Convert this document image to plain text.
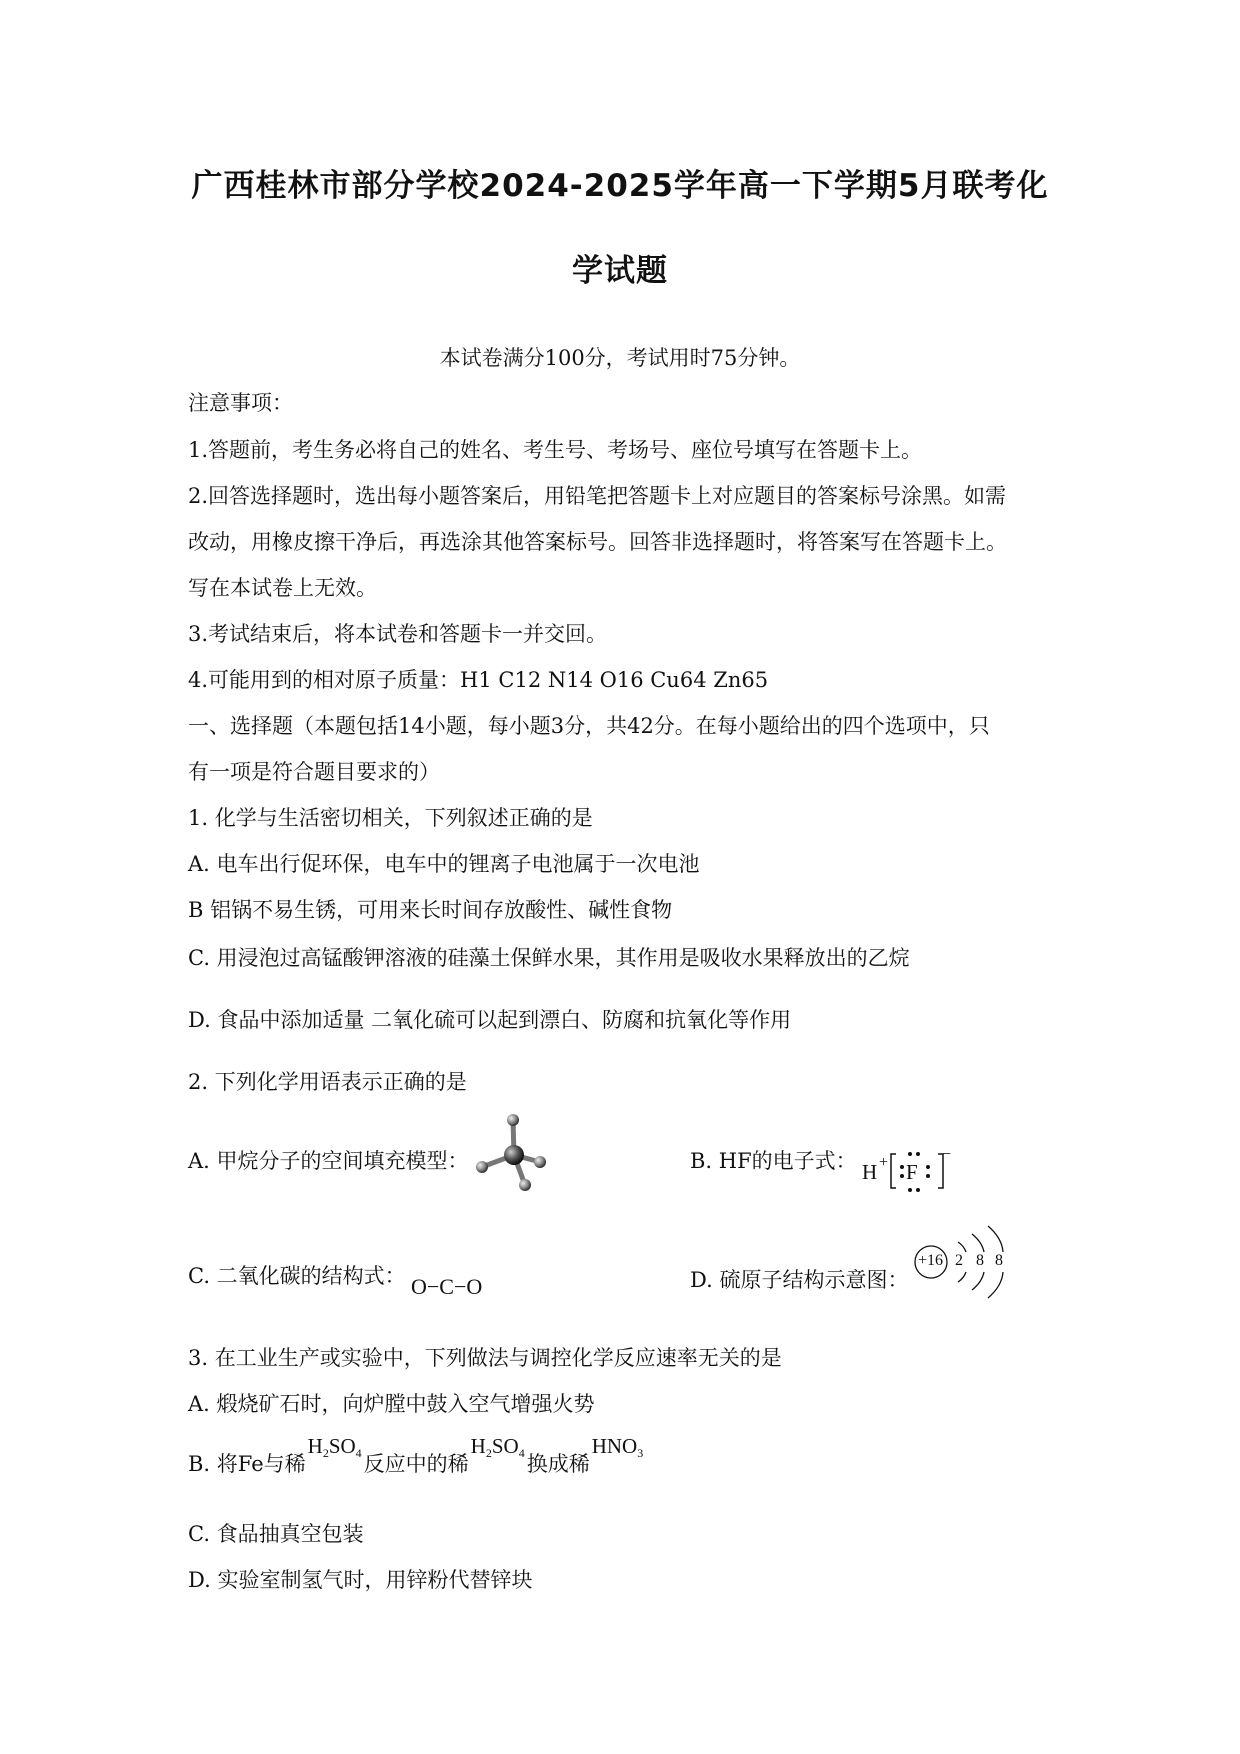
广西桂林市部分学校2024-2025学年高一下学期5月联考化
学试题
本试卷满分100分，考试用时75分钟。
注意事项：
1.答题前，考生务必将自己的姓名、考生号、考场号、座位号填写在答题卡上。
2.回答选择题时，选出每小题答案后，用铅笔把答题卡上对应题目的答案标号涂黑。如需
改动，用橡皮擦干净后，再选涂其他答案标号。回答非选择题时，将答案写在答题卡上。
写在本试卷上无效。
3.考试结束后，将本试卷和答题卡一并交回。
4.可能用到的相对原子质量：H1 C12 N14 O16 Cu64 Zn65
一、选择题（本题包括14小题，每小题3分，共42分。在每小题给出的四个选项中，只
有一项是符合题目要求的）
1. 化学与生活密切相关，下列叙述正确的是
A. 电车出行促环保，电车中的锂离子电池属于一次电池
B 铝锅不易生锈，可用来长时间存放酸性、碱性食物
C. 用浸泡过高锰酸钾溶液的硅藻土保鲜水果，其作用是吸收水果释放出的乙烷
D. 食品中添加适量 二氧化硫可以起到漂白、防腐和抗氧化等作用
2. 下列化学用语表示正确的是
A. 甲烷分子的空间填充模型：	B. HF的电子式： H + F
−
C. 二氧化碳的结构式： O−C−O	D. 硫原子结构示意图：
+16 2 8 8
3. 在工业生产或实验中，下列做法与调控化学反应速率无关的是
A. 煅烧矿石时，向炉膛中鼓入空气增强火势
B. 将Fe与稀$H_2SO_4$反应中的稀$H_2SO_4$换成稀$HNO_3$
C. 食品抽真空包装
D. 实验室制氢气时，用锌粉代替锌块
